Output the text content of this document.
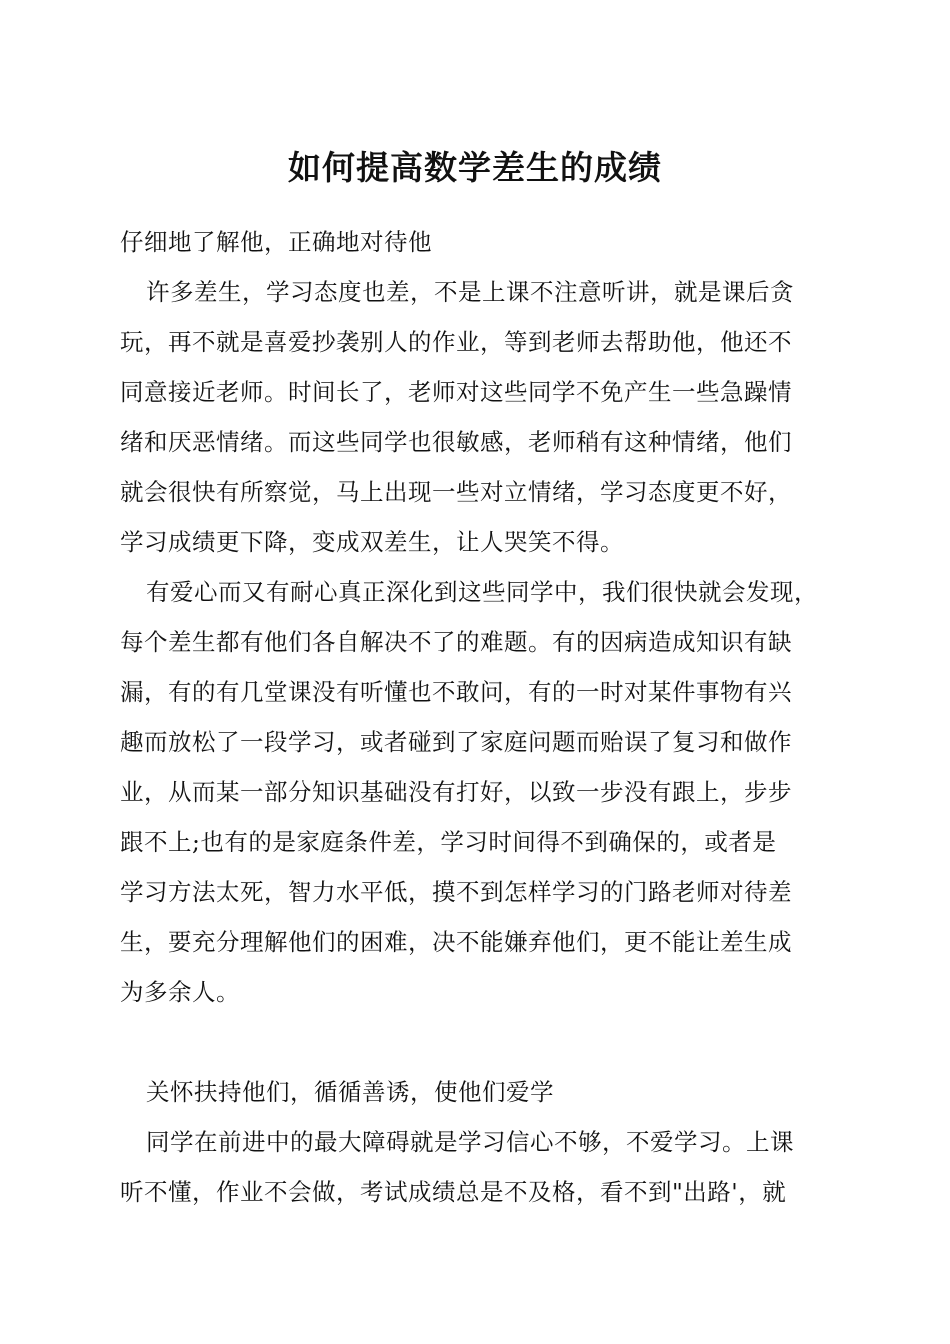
如何提高数学差生的成绩
仔细地了解他，正确地对待他
许多差生，学习态度也差，不是上课不注意听讲，就是课后贪
玩，再不就是喜爱抄袭别人的作业，等到老师去帮助他，他还不
同意接近老师。时间长了，老师对这些同学不免产生一些急躁情
绪和厌恶情绪。而这些同学也很敏感，老师稍有这种情绪，他们
就会很快有所察觉，马上出现一些对立情绪，学习态度更不好，
学习成绩更下降，变成双差生，让人哭笑不得。
有爱心而又有耐心真正深化到这些同学中，我们很快就会发现，
每个差生都有他们各自解决不了的难题。有的因病造成知识有缺
漏，有的有几堂课没有听懂也不敢问，有的一时对某件事物有兴
趣而放松了一段学习，或者碰到了家庭问题而贻误了复习和做作
业，从而某一部分知识基础没有打好，以致一步没有跟上，步步
跟不上;也有的是家庭条件差，学习时间得不到确保的，或者是
学习方法太死，智力水平低，摸不到怎样学习的门路老师对待差
生，要充分理解他们的困难，决不能嫌弃他们，更不能让差生成
为多余人。
关怀扶持他们，循循善诱，使他们爱学
同学在前进中的最大障碍就是学习信心不够，不爱学习。上课
听不懂，作业不会做，考试成绩总是不及格，看不到"出路'，就
